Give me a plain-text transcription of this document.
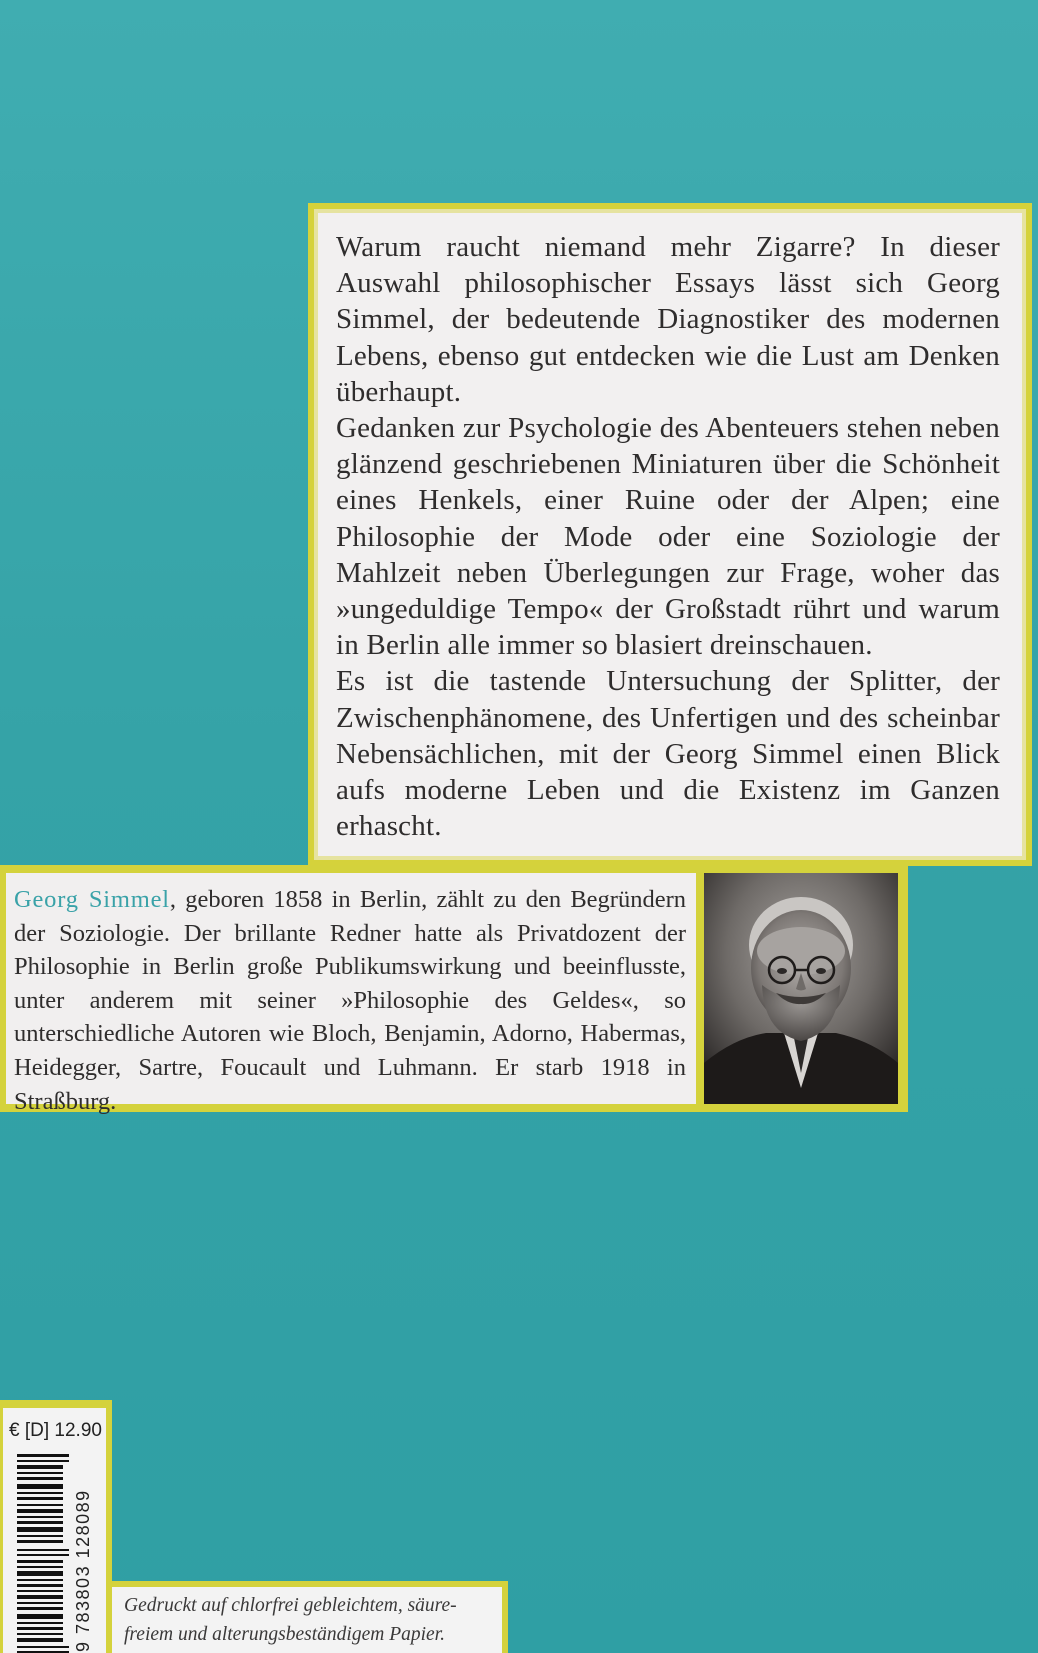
Warum raucht niemand mehr Zigarre? In dieser Auswahl philosophischer Essays lässt sich Georg Simmel, der bedeutende Diagnostiker des modernen Lebens, ebenso gut entdecken wie die Lust am Denken überhaupt.

Gedanken zur Psychologie des Abenteuers stehen neben glänzend geschriebenen Miniaturen über die Schönheit eines Henkels, einer Ruine oder der Alpen; eine Philosophie der Mode oder eine Soziologie der Mahlzeit neben Überlegungen zur Frage, woher das »ungeduldige Tempo« der Großstadt rührt und warum in Berlin alle immer so blasiert dreinschauen.

Es ist die tastende Untersuchung der Splitter, der Zwischenphänomene, des Unfertigen und des scheinbar Nebensächlichen, mit der Georg Simmel einen Blick aufs moderne Leben und die Existenz im Ganzen erhascht.

Georg Simmel, geboren 1858 in Berlin, zählt zu den Begründern der Soziologie. Der brillante Redner hatte als Privatdozent der Philosophie in Berlin große Publikumswirkung und beeinflusste, unter anderem mit seiner »Philosophie des Geldes«, so unterschiedliche Autoren wie Bloch, Benjamin, Adorno, Habermas, Heidegger, Sartre, Foucault und Luhmann. Er starb 1918 in Straßburg.

€ [D] 12.90
9 783803 128089 Gedruckt auf chlorfrei gebleichtem, säure-
freiem und alterungsbeständigem Papier.
